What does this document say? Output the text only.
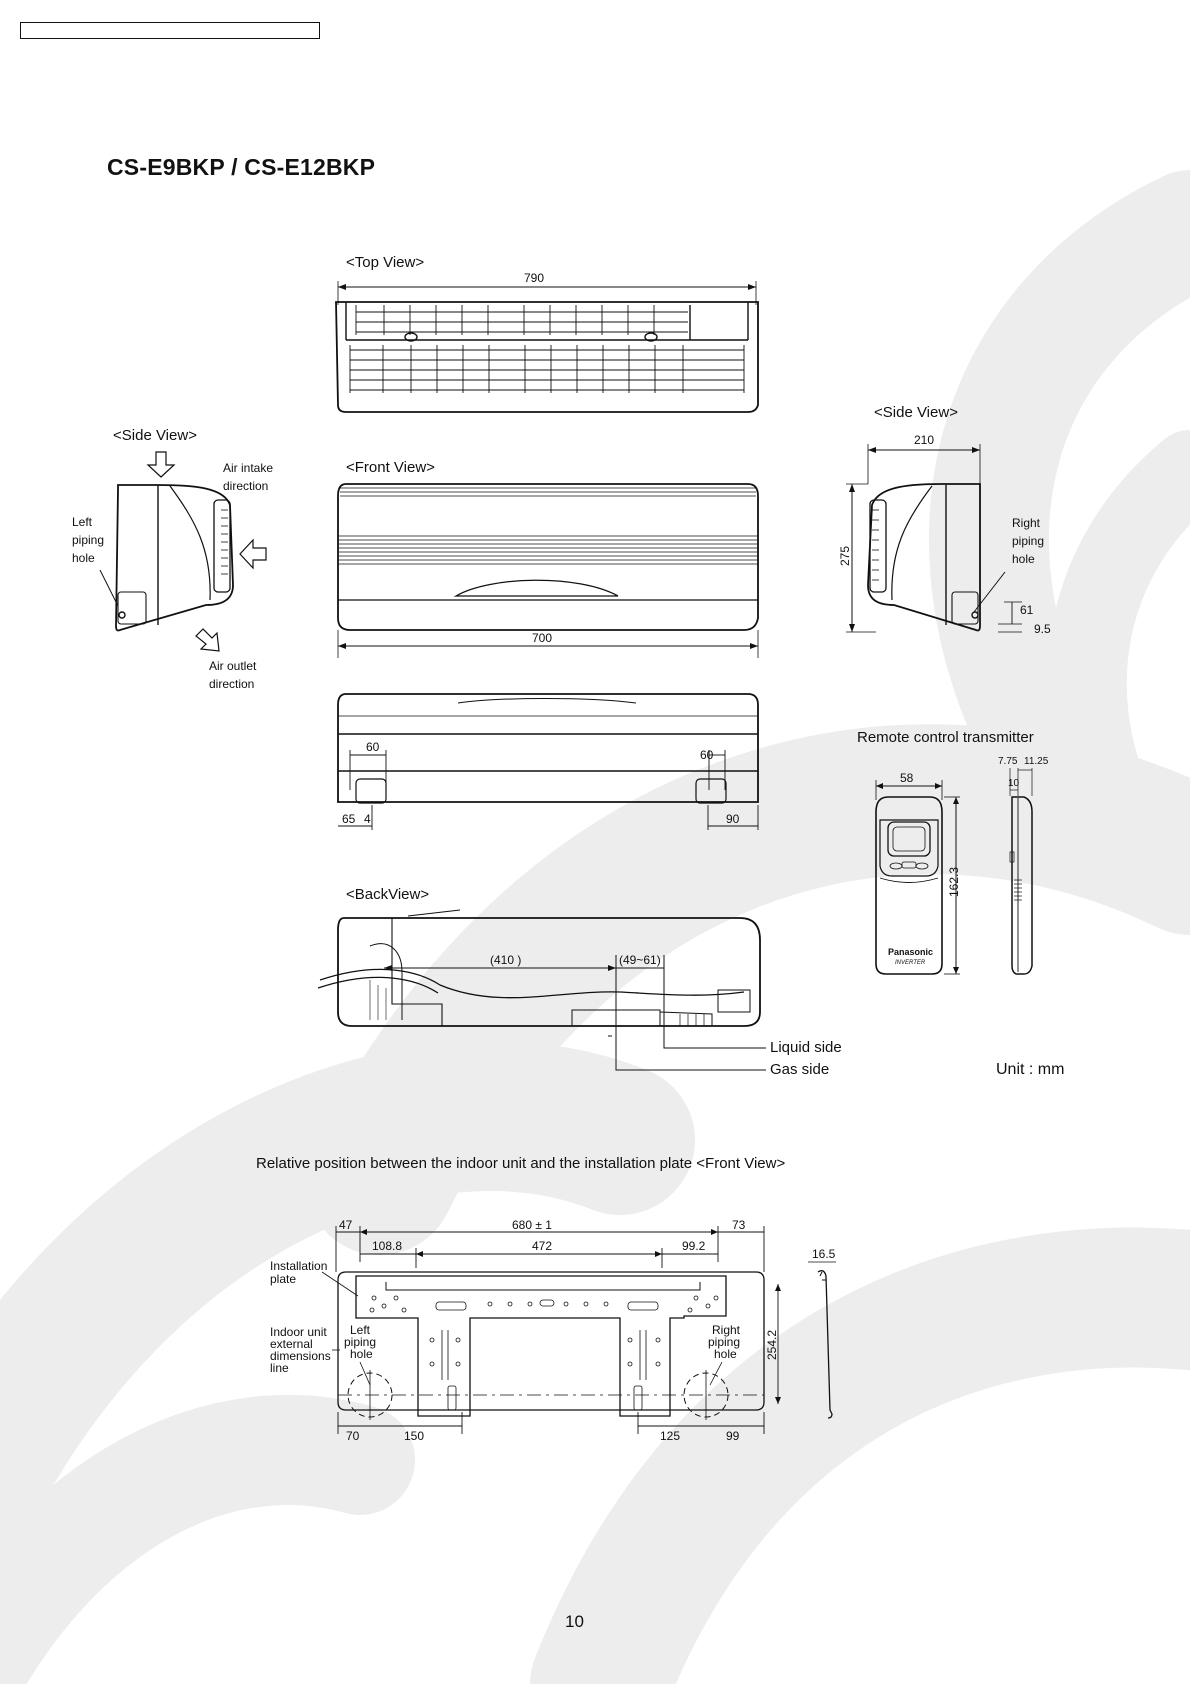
CS-E9BKP / CS-E12BKP
<Top View>
790
<Side View>
Air intake
direction
Left
piping
hole
Air outlet
direction
<Front View>
700
60
60
65 4	90
<BackView>
(410 )	(49~61)
Liquid side
Gas side
<Side View>
210
275
Right
piping
hole
61
9.5
Remote control transmitter
7.75 11.25
10
58
Panasonic
INVERTER
162.3
Unit : mm
Relative position between the indoor unit and the installation plate <Front View>
47	680 ± 1	73
108.8	472	99.2
70	150	125	99
254.2
16.5
Installation
plate
Indoor unit
external
dimensions
line
Left
piping
hole
Right
piping
hole
10
